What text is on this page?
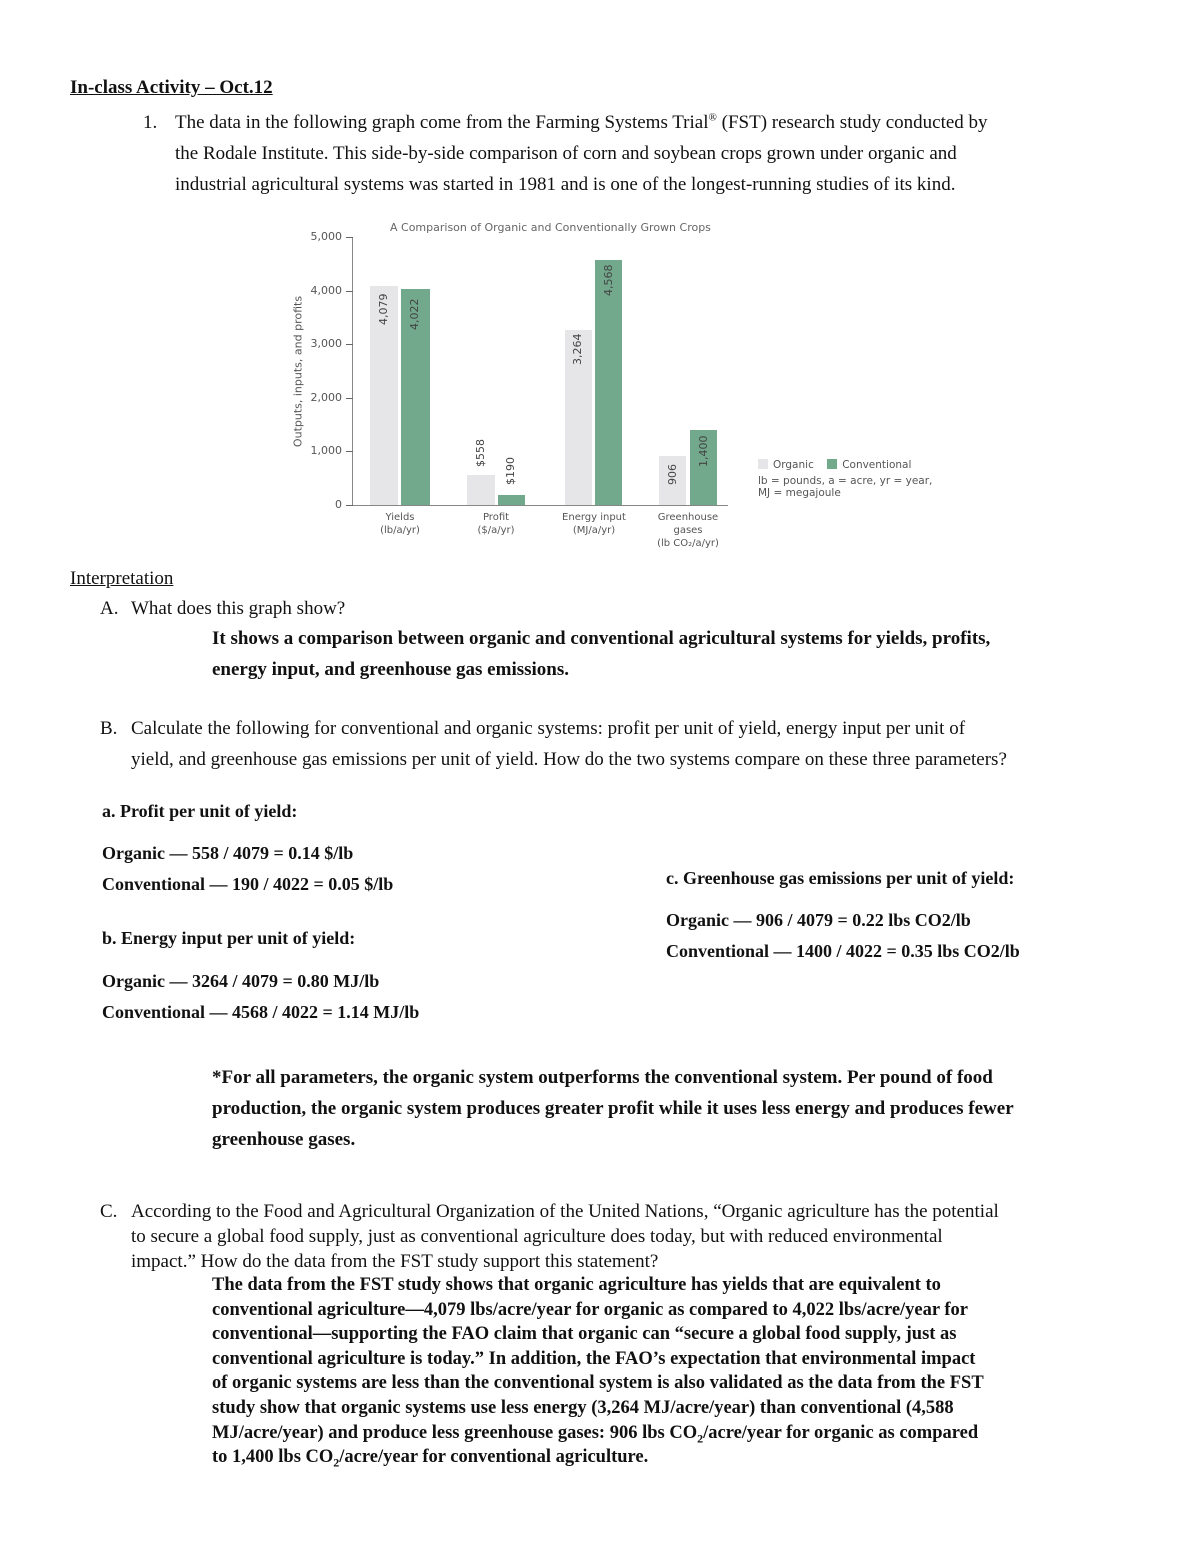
In-class Activity – Oct.12
1. The data in the following graph come from the Farming Systems Trial® (FST) research study conducted by
the Rodale Institute. This side-by-side comparison of corn and soybean crops grown under organic and
industrial agricultural systems was started in 1981 and is one of the longest-running studies of its kind.
A Comparison of Organic and Conventionally Grown Crops
Outputs, inputs, and profits
5,000
4,000
3,000
2,000
1,000
0
4,079 4,022
$558
$190
3,264
4,568
906
1,400
Yields
(lb/a/yr)
Profit
($/a/yr)
Energy input
(MJ/a/yr)
Greenhouse
gases
(lb CO₂/a/yr)
Organic	Conventional
lb = pounds, a = acre, yr = year,
MJ = megajoule
Interpretation
A. What does this graph show?
It shows a comparison between organic and conventional agricultural systems for yields, profits,
energy input, and greenhouse gas emissions.
B. Calculate the following for conventional and organic systems: profit per unit of yield, energy input per unit of
yield, and greenhouse gas emissions per unit of yield. How do the two systems compare on these three parameters?
a. Profit per unit of yield:
Organic — 558 / 4079 = 0.14 $/lb
Conventional — 190 / 4022 = 0.05 $/lb
b. Energy input per unit of yield:
Organic — 3264 / 4079 = 0.80 MJ/lb
Conventional — 4568 / 4022 = 1.14 MJ/lb
c. Greenhouse gas emissions per unit of yield:
Organic — 906 / 4079 = 0.22 lbs CO2/lb
Conventional — 1400 / 4022 = 0.35 lbs CO2/lb
*For all parameters, the organic system outperforms the conventional system. Per pound of food
production, the organic system produces greater profit while it uses less energy and produces fewer
greenhouse gases.
C. According to the Food and Agricultural Organization of the United Nations, “Organic agriculture has the potential
to secure a global food supply, just as conventional agriculture does today, but with reduced environmental
impact.” How do the data from the FST study support this statement?
The data from the FST study shows that organic agriculture has yields that are equivalent to
conventional agriculture—4,079 lbs/acre/year for organic as compared to 4,022 lbs/acre/year for
conventional—supporting the FAO claim that organic can “secure a global food supply, just as
conventional agriculture is today.” In addition, the FAO’s expectation that environmental impact
of organic systems are less than the conventional system is also validated as the data from the FST
study show that organic systems use less energy (3,264 MJ/acre/year) than conventional (4,588
MJ/acre/year) and produce less greenhouse gases: 906 lbs $CO_2/acre$/year for organic as compared
to 1,400 lbs $CO_2/acre$/year for conventional agriculture.
